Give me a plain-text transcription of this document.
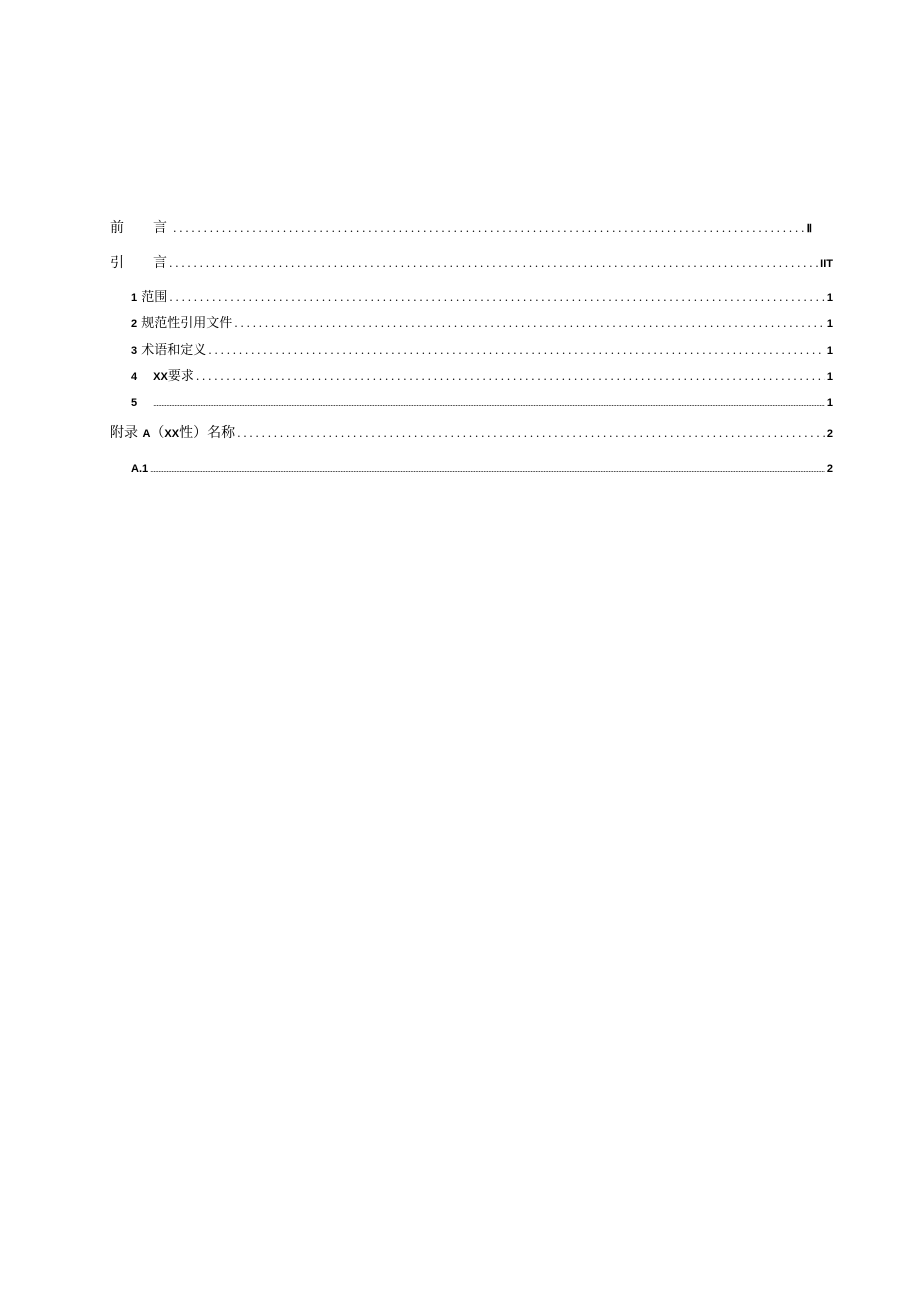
前 言 .....	Ⅱ
引 言 .....	IIT
1 范围 .....	1
2 规范性引用文件 .....	1
3 术语和定义 .....	1
4 XX要求 .....	1
5 .....	1
附录 A（XX性）名称 .....	2
A.1 .....	2
